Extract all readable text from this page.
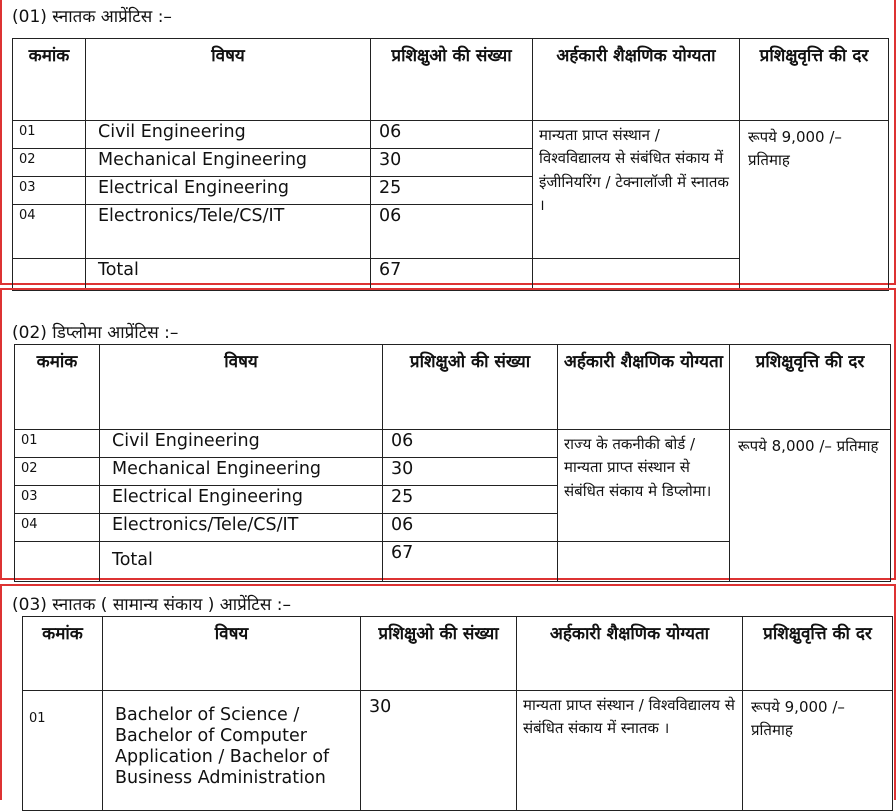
(01) स्नातक आप्रेंटिस :–
कमांक	विषय	प्रशिक्षुओ की संख्या	अर्हकारी शैक्षणिक योग्यता	प्रशिक्षुवृत्ति की दर
01	Civil Engineering	06	मान्यता प्राप्त संस्थान / विश्वविद्यालय से संबंधित संकाय में इंजीनियरिंग / टेक्नालॉजी में स्नातक ।	रूपये 9,000 /– प्रतिमाह
02	Mechanical Engineering	30		
03	Electrical Engineering	25		
04	Electronics/Tele/CS/IT	06		
	Total	67		
(02) डिप्लोमा आप्रेंटिस :–
कमांक	विषय	प्रशिक्षुओ की संख्या	अर्हकारी शैक्षणिक योग्यता	प्रशिक्षुवृत्ति की दर
01	Civil Engineering	06	राज्य के तकनीकी बोर्ड / मान्यता प्राप्त संस्थान से संबंधित संकाय मे डिप्लोमा।	रूपये 8,000 /– प्रतिमाह
02	Mechanical Engineering	30		
03	Electrical Engineering	25		
04	Electronics/Tele/CS/IT	06		
	Total	67		
(03) स्नातक ( सामान्य संकाय ) आप्रेंटिस :–
कमांक	विषय	प्रशिक्षुओ की संख्या	अर्हकारी शैक्षणिक योग्यता	प्रशिक्षुवृत्ति की दर
01	Bachelor of Science / Bachelor of Computer Application / Bachelor of Business Administration	30	मान्यता प्राप्त संस्थान / विश्वविद्यालय से संबंधित संकाय में स्नातक ।	रूपये 9,000 /– प्रतिमाह
